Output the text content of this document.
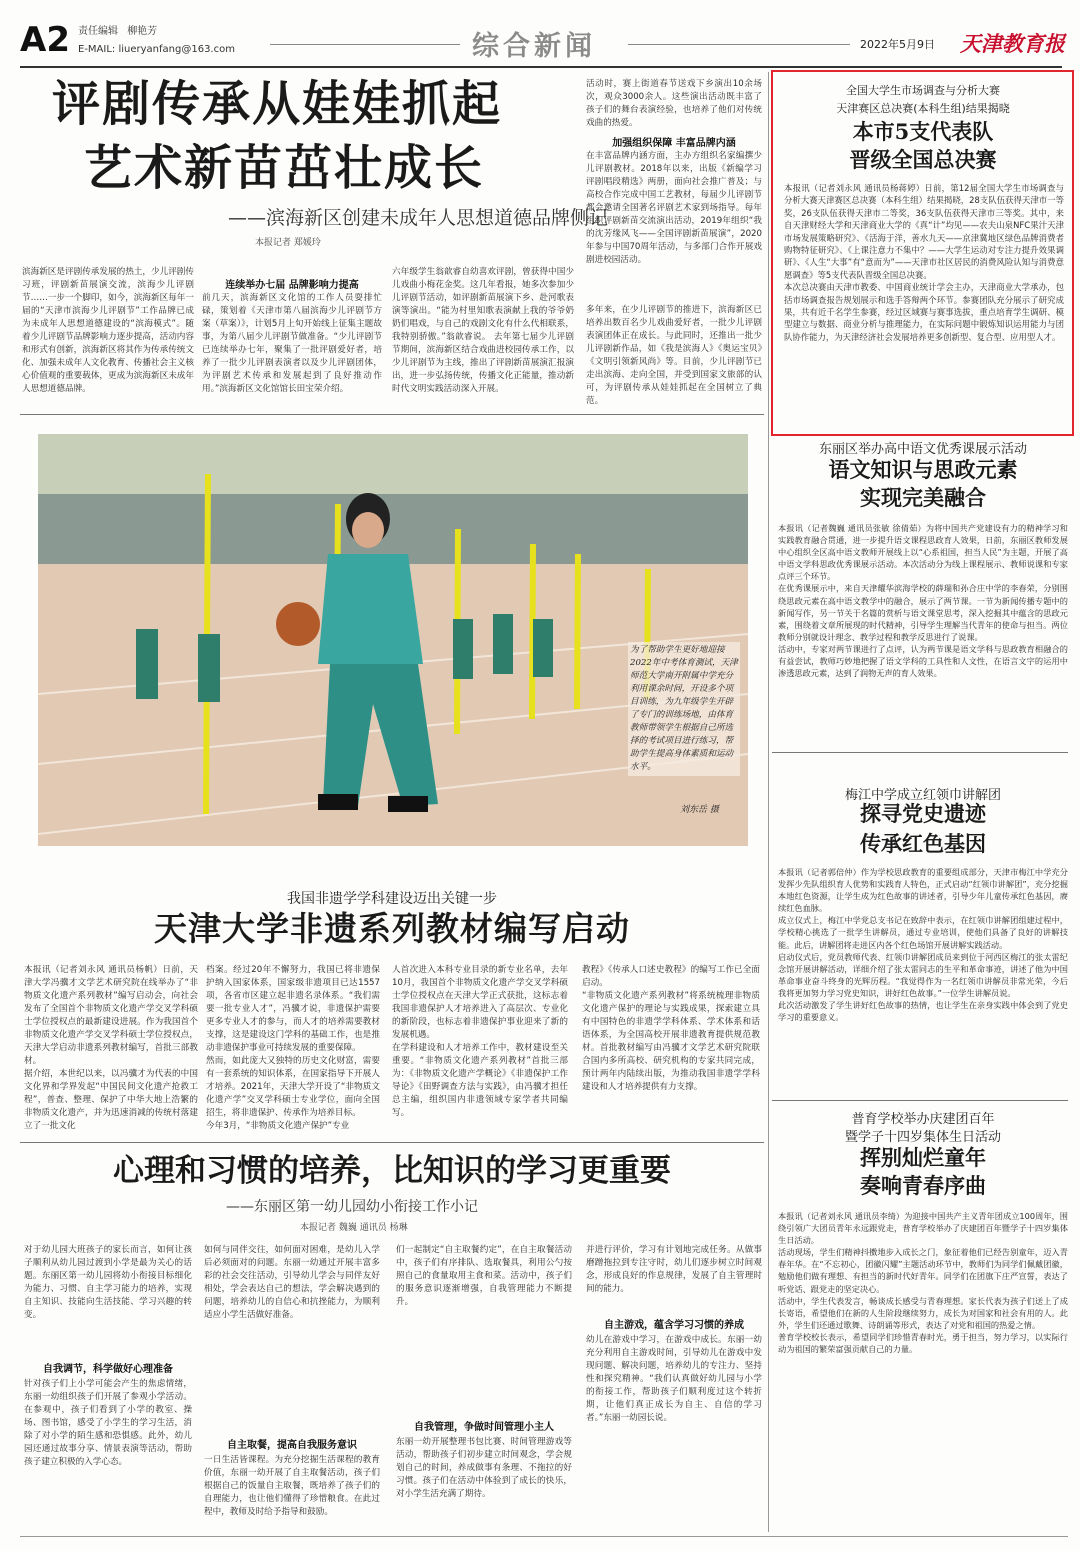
A2 责任编辑 柳艳芳
E-MAIL: liueryanfang@163.com	综合新闻	2022年5月9日 天津教育报
评剧传承从娃娃抓起
艺术新苗茁壮成长
——滨海新区创建未成年人思想道德品牌侧记
本报记者 郑媛玲
滨海新区是评剧传承发展的热土，少儿评剧传习班，评剧新苗展演交流，滨海少儿评剧节……一步一个脚印，如今，滨海新区每年一届的“天津市滨海少儿评剧节”工作品牌已成为未成年人思想道德建设的“滨海模式”。随着少儿评剧节品牌影响力逐步提高，活动内容和形式有创新，滨海新区将其作为传承传统文化、加强未成年人文化教育、传播社会主义核心价值观的重要载体，更成为滨海新区未成年人思想道德品牌。
连续举办七届 品牌影响力提高
前几天，滨海新区文化馆的工作人员耍排忙碌，策划着《天津市第八届滨海少儿评剧节方案（草案）》，计划5月上旬开始线上征集主题故事，为第八届少儿评剧节做准备。“少儿评剧节已连续举办七年，聚集了一批评剧爱好者，培养了一批少儿评剧表演者以及少儿评剧团体，为评剧艺术传承和发展起到了良好推动作用。”滨海新区文化馆馆长田宝荣介绍。
六年级学生翁歆睿自幼喜欢评剧，曾获得中国少儿戏曲小梅花金奖。这几年看报，她多次参加少儿评剧节活动，如评剧新苗展演下乡、赴河歌表演等演出。“能为村里知歌表演献上我的爷爷奶奶们唱戏，与自己的戏剧文化有什么代相联系，我特别骄傲。”翁歆睿说。 去年第七届少儿评剧节期间，滨海新区结合戏曲进校园传承工作，以少儿评剧节为主线，推出了评剧新苗展演汇报演出，进一步弘扬传统，传播文化正能量，推动新时代文明实践活动深入开展。
活动时，赛上街道春节送戏下乡演出10余场次，观众3000余人。这些演出活动既丰富了孩子们的舞台表演经验，也培养了他们对传统戏曲的热爱。
加强组织保障 丰富品牌内涵
在丰富品牌内涵方面，主办方组织名家编撰少儿评剧教材。2018年以来，出版《新编学习评剧唱段精选》两册，面向社会推广普及；与高校合作完成中国工艺教材，每届少儿评剧节都会邀请全国著名评剧艺术家到场指导。每年组织评剧新苗交流演出活动，2019年组织“我的沈芳缘风飞——全国评剧新苗展演”，2020年参与中国70周年活动，与多部门合作开展戏剧进校园活动。
多年来，在少儿评剧节的推进下，滨海新区已培养出数百名少儿戏曲爱好者，一批少儿评剧表演团体正在成长。与此同时，还推出一批少儿评剧新作品，如《我是滨海人》《奥运宝贝》《文明引领新风尚》等。目前，少儿评剧节已走出滨海、走向全国，并受到国家文旅部的认可，为评剧传承从娃娃抓起在全国树立了典范。
全国大学生市场调查与分析大赛
天津赛区总决赛(本科生组)结果揭晓
本市5支代表队
晋级全国总决赛
本报讯（记者刘永风 通讯员杨蒋婷）日前，第12届全国大学生市场调查与分析大赛天津赛区总决赛（本科生组）结果揭晓，28支队伍获得天津市一等奖，26支队伍获得天津市二等奖，36支队伍获得天津市三等奖。其中，来自天津财经大学和天津商业大学的《真“计”均见——农夫山泉NFC果汁天津市场发展策略研究》、《活海于洋，善水九天——京津冀地区绿色品牌消费者购物特征研究》、《上课注意力不集中？——大学生运动对专注力提升效果调研》、《人生“大事”有“意而为”——天津市社区居民的消费风险认知与消费意愿调查》等5支代表队晋级全国总决赛。
本次总决赛由天津市教委、中国商业统计学会主办，天津商业大学承办，包括市场调查报告规划展示和选手答辩两个环节。参赛团队充分展示了研究成果，共有近千名学生参赛，经过区域赛与赛事选拔，重点培育学生调研、模型建立与数据、商业分析与推理能力，在实际问题中锻炼知识运用能力与团队协作能力，为天津经济社会发展培养更多创新型、复合型、应用型人才。
为了帮助学生更好地迎接2022年中考体育测试，天津师范大学南开附属中学充分利用课余时间，开设多个项目训练，为九年级学生开辟了专门的训练场地，由体育教师带领学生根据自己所选择的考试项目进行练习，帮助学生提高身体素质和运动水平。
刘东岳 摄
东丽区举办高中语文优秀课展示活动
语文知识与思政元素
实现完美融合
本报讯（记者魏巍 通讯员张敏 徐倩茹）为将中国共产党建设有力的精神学习和实践教育融合贯通，进一步提升语文课程思政育人效果，日前，东丽区教师发展中心组织全区高中语文教师开展线上以“心系祖国，担当人民”为主题，开展了高中语文学科思政优秀课展示活动。本次活动分为线上课程展示、教师说课和专家点评三个环节。
在优秀课展示中，来自天津耀华滨海学校的薛瑞和孙合庄中学的李春荣，分别围绕思政元素在高中语文教学中的融合，展示了两节课。一节为新闻传播专题中的新闻写作，另一节关于名篇的赏析与语文课堂思考，深入挖掘其中蕴含的思政元素，围绕着文章所展现的时代精神，引导学生理解当代青年的使命与担当。两位教师分别就设计理念、教学过程和教学反思进行了说课。
活动中，专家对两节课进行了点评，认为两节课是语文学科与思政教育相融合的有益尝试，教师巧妙地把握了语文学科的工具性和人文性，在语言文字的运用中渗透思政元素，达到了润物无声的育人效果。
梅江中学成立红领巾讲解团
探寻党史遗迹
传承红色基因
本报讯（记者郭倍仲）作为学校思政教育的重要组成部分，天津市梅江中学充分发挥少先队组织育人优势和实践育人特色，正式启动“红领巾讲解团”，充分挖掘本地红色资源，让学生成为红色故事的讲述者，引导少年儿童传承红色基因，赓续红色血脉。
成立仪式上，梅江中学党总支书记在致辞中表示，在红领巾讲解团组建过程中，学校精心挑选了一批学生讲解员，通过专业培训，使他们具备了良好的讲解技能。此后，讲解团将走进区内各个红色场馆开展讲解实践活动。
启动仪式后，党员教师代表、红领巾讲解团成员来到位于河西区梅江的张太雷纪念馆开展讲解活动，详细介绍了张太雷同志的生平和革命事迹，讲述了他为中国革命事业奋斗终身的光辉历程。“我觉得作为一名红领巾讲解员非常光荣，今后我将更加努力学习党史知识，讲好红色故事。”一位学生讲解员说。
此次活动激发了学生讲好红色故事的热情，也让学生在亲身实践中体会到了党史学习的重要意义。
我国非遗学学科建设迈出关键一步
天津大学非遗系列教材编写启动
本报讯（记者刘永风 通讯员杨帆）日前，天津大学冯骥才文学艺术研究院在线举办了“非物质文化遗产系列教材”编写启动会，向社会发布了全国首个非物质文化遗产学交叉学科硕士学位授权点的最新建设进展。作为我国首个非物质文化遗产学交叉学科硕士学位授权点，天津大学启动非遗系列教材编写，首批三部教材。
据介绍，本世纪以来，以冯骥才为代表的中国文化界和学界发起“中国民间文化遗产抢救工程”，普查、整理、保护了中华大地上浩繁的非物质文化遗产，并为迅速消减的传统村落建立了一批文化
档案。经过20年不懈努力，我国已将非遗保护纳入国家体系，国家级非遗项目已达1557项，各省市区建立起非遗名录体系。“我们需要一批专业人才”，冯骥才说，非遗保护需要更多专业人才的参与，而人才的培养需要教材支撑，这是建设这门学科的基础工作，也是推动非遗保护事业可持续发展的重要保障。
然而，如此庞大又独特的历史文化财富，需要有一套系统的知识体系，在国家指导下开展人才培养。2021年，天津大学开设了“非物质文化遗产学”交叉学科硕士专业学位，面向全国招生，将非遗保护、传承作为培养目标。
今年3月，“非物质文化遗产保护”专业
人首次进入本科专业目录的新专业名单，去年10月，我国首个非物质文化遗产学交叉学科硕士学位授权点在天津大学正式获批，这标志着我国非遗保护人才培养进入了高层次、专业化的新阶段，也标志着非遗保护事业迎来了新的发展机遇。
在学科建设和人才培养工作中，教材建设至关重要。“非物质文化遗产系列教材”首批三部为：《非物质文化遗产学概论》《非遗保护工作导论》《田野调查方法与实践》，由冯骥才担任总主编，组织国内非遗领域专家学者共同编写。
教程》《传承人口述史教程》的编写工作已全面启动。
“非物质文化遗产系列教材”将系统梳理非物质文化遗产保护的理论与实践成果，探索建立具有中国特色的非遗学学科体系、学术体系和话语体系，为全国高校开展非遗教育提供规范教材。首批教材编写由冯骥才文学艺术研究院联合国内多所高校、研究机构的专家共同完成，预计两年内陆续出版，为推动我国非遗学学科建设和人才培养提供有力支撑。
心理和习惯的培养，比知识的学习更重要
——东丽区第一幼儿园幼小衔接工作小记
本报记者 魏巍 通讯员 杨琳
对于幼儿园大班孩子的家长而言，如何让孩子顺利从幼儿园过渡到小学是最为关心的话题。东丽区第一幼儿园将幼小衔接目标细化为能力、习惯、自主学习能力的培养，实现自主知识、技能向生活技能、学习兴趣的转变。
自我调节，科学做好心理准备
针对孩子们上小学可能会产生的焦虑情绪，东丽一幼组织孩子们开展了参观小学活动。在参观中，孩子们看到了小学的教室、操场、图书馆，感受了小学生的学习生活，消除了对小学的陌生感和恐惧感。此外，幼儿园还通过故事分享、情景表演等活动，帮助孩子建立积极的入学心态。
如何与同伴交往，如何面对困难，是幼儿入学后必须面对的问题。东丽一幼通过开展丰富多彩的社会交往活动，引导幼儿学会与同伴友好相处，学会表达自己的想法，学会解决遇到的问题，培养幼儿的自信心和抗挫能力，为顺利适应小学生活做好准备。
自主取餐，提高自我服务意识
一日生活皆课程。为充分挖掘生活课程的教育价值，东丽一幼开展了自主取餐活动，孩子们根据自己的饭量自主取餐，既培养了孩子们的自理能力，也让他们懂得了珍惜粮食。在此过程中，教师及时给予指导和鼓励。
们一起制定“自主取餐约定”，在自主取餐活动中，孩子们有序排队、选取餐具，利用公勺按照自己的食量取用主食和菜。活动中，孩子们的服务意识逐渐增强，自我管理能力不断提升。
自我管理，争做时间管理小主人
东丽一幼开展整理书包比赛、时间管理游戏等活动，帮助孩子们初步建立时间观念，学会规划自己的时间，养成做事有条理、不拖拉的好习惯。孩子们在活动中体验到了成长的快乐，对小学生活充满了期待。
并进行评价，学习有计划地完成任务。从做事磨蹭拖拉到专注守时，幼儿们逐步树立时间观念，形成良好的作息规律，发展了自主管理时间的能力。
自主游戏，蕴含学习习惯的养成
幼儿在游戏中学习，在游戏中成长。东丽一幼充分利用自主游戏时间，引导幼儿在游戏中发现问题、解决问题，培养幼儿的专注力、坚持性和探究精神。“我们认真做好幼儿园与小学的衔接工作，帮助孩子们顺利度过这个转折期，让他们真正成长为自主、自信的学习者。”东丽一幼园长说。
普育学校举办庆建团百年
暨学子十四岁集体生日活动
挥别灿烂童年
奏响青春序曲
本报讯（记者刘永风 通讯员李绮）为迎接中国共产主义青年团成立100周年，围绕引领广大团员青年永远跟党走，普育学校举办了庆建团百年暨学子十四岁集体生日活动。
活动现场，学生们精神抖擞地步入成长之门，象征着他们已经告别童年，迈入青春年华。在“不忘初心，团徽闪耀”主题活动环节中，教师们为同学们佩戴团徽，勉励他们做有理想、有担当的新时代好青年。同学们在团旗下庄严宣誓，表达了听党话、跟党走的坚定决心。
活动中，学生代表发言，畅谈成长感受与青春理想。家长代表为孩子们送上了成长寄语，希望他们在新的人生阶段继续努力，成长为对国家和社会有用的人。此外，学生们还通过歌舞、诗朗诵等形式，表达了对党和祖国的热爱之情。
普育学校校长表示，希望同学们珍惜青春时光，勇于担当，努力学习，以实际行动为祖国的繁荣富强贡献自己的力量。
